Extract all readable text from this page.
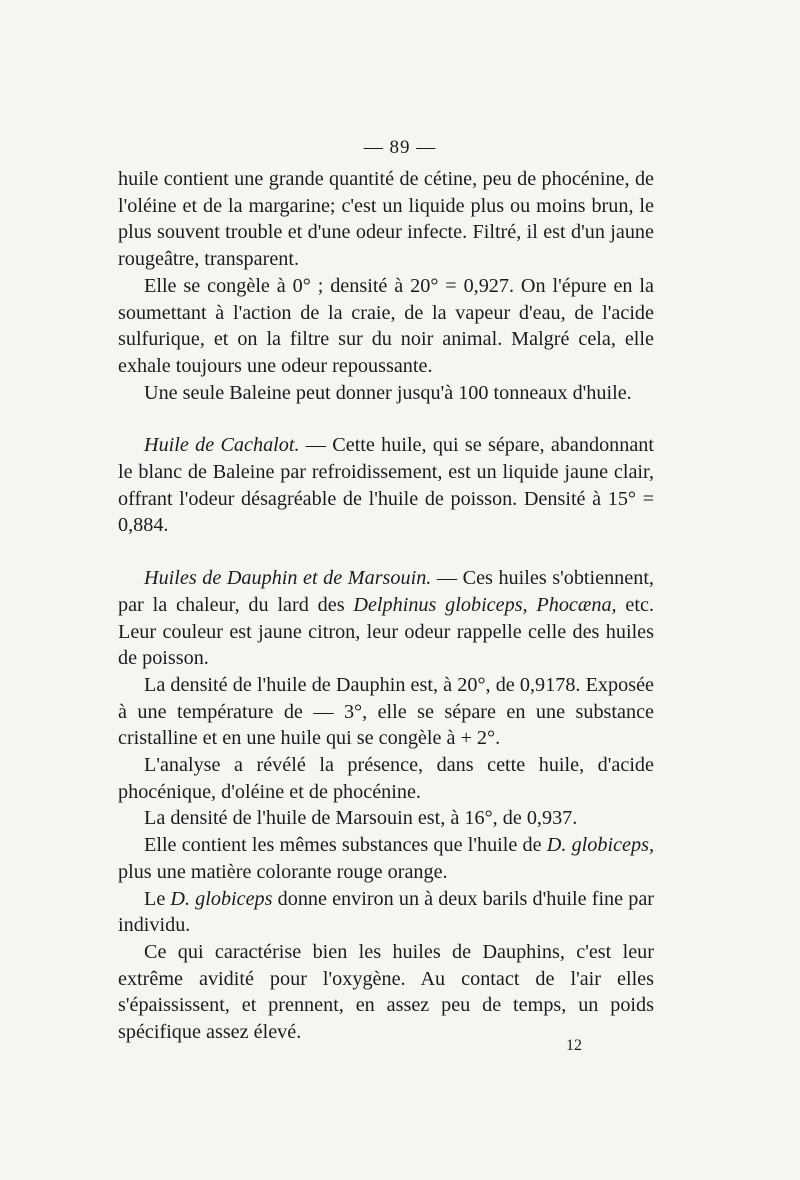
— 89 —

huile contient une grande quantité de cétine, peu de phocénine, de l'oléine et de la margarine; c'est un liquide plus ou moins brun, le plus souvent trouble et d'une odeur infecte. Filtré, il est d'un jaune rougeâtre, transparent.

Elle se congèle à 0° ; densité à 20° = 0,927. On l'épure en la soumettant à l'action de la craie, de la vapeur d'eau, de l'acide sulfurique, et on la filtre sur du noir animal. Malgré cela, elle exhale toujours une odeur repoussante.

Une seule Baleine peut donner jusqu'à 100 tonneaux d'huile.

Huile de Cachalot. — Cette huile, qui se sépare, abandonnant le blanc de Baleine par refroidissement, est un liquide jaune clair, offrant l'odeur désagréable de l'huile de poisson. Densité à 15° = 0,884.

Huiles de Dauphin et de Marsouin. — Ces huiles s'obtiennent, par la chaleur, du lard des Delphinus globiceps, Phocæna, etc. Leur couleur est jaune citron, leur odeur rappelle celle des huiles de poisson.

La densité de l'huile de Dauphin est, à 20°, de 0,9178. Exposée à une température de — 3°, elle se sépare en une substance cristalline et en une huile qui se congèle à + 2°.

L'analyse a révélé la présence, dans cette huile, d'acide phocénique, d'oléine et de phocénine.

La densité de l'huile de Marsouin est, à 16°, de 0,937.

Elle contient les mêmes substances que l'huile de D. globiceps, plus une matière colorante rouge orange.

Le D. globiceps donne environ un à deux barils d'huile fine par individu.

Ce qui caractérise bien les huiles de Dauphins, c'est leur extrême avidité pour l'oxygène. Au contact de l'air elles s'épaississent, et prennent, en assez peu de temps, un poids spécifique assez élevé.

12
